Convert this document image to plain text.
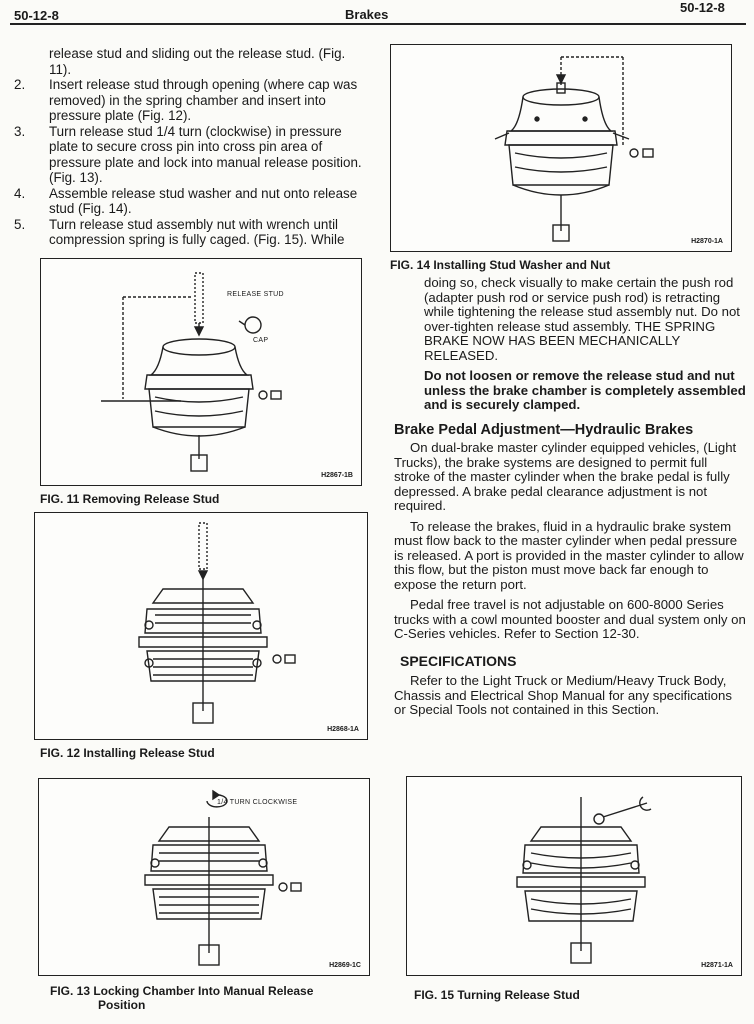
50-12-8	Brakes	50-12-8
release stud and sliding out the release stud. (Fig. 11).
2.	Insert release stud through opening (where cap was removed) in the spring chamber and insert into pressure plate (Fig. 12).
3.	Turn release stud 1/4 turn (clockwise) in pressure plate to secure cross pin into cross pin area of pressure plate and lock into manual release position. (Fig. 13).
4.	Assemble release stud washer and nut onto release stud (Fig. 14).
5.	Turn release stud assembly nut with wrench until compression spring is fully caged. (Fig. 15). While	H2870-1A
FIG. 14 Installing Stud Washer and Nut
RELEASE STUD
CAP
H2867-1B
FIG. 11 Removing Release Stud
H2868-1A
FIG. 12 Installing Release Stud

doing so, check visually to make certain the push rod (adapter push rod or service push rod) is retracting while tightening the release stud assembly nut. Do not over-tighten release stud assembly. THE SPRING BRAKE NOW HAS BEEN MECHANICALLY RELEASED.

Do not loosen or remove the release stud and nut unless the brake chamber is completely assembled and is securely clamped.

Brake Pedal Adjustment—Hydraulic Brakes

On dual-brake master cylinder equipped vehicles, (Light Trucks), the brake systems are designed to permit full stroke of the master cylinder when the brake pedal is fully depressed. A brake pedal clearance adjustment is not required.

To release the brakes, fluid in a hydraulic brake system must flow back to the master cylinder when pedal pressure is released. A port is provided in the master cylinder to allow this flow, but the piston must move back far enough to expose the return port.

Pedal free travel is not adjustable on 600-8000 Series trucks with a cowl mounted booster and dual system only on C-Series vehicles. Refer to Section 12-30.

SPECIFICATIONS

Refer to the Light Truck or Medium/Heavy Truck Body, Chassis and Electrical Shop Manual for any specifications or Special Tools not contained in this Section.

1/4 TURN CLOCKWISE
H2869-1C
FIG. 13 Locking Chamber Into Manual Release
Position
H2871-1A
FIG. 15 Turning Release Stud
